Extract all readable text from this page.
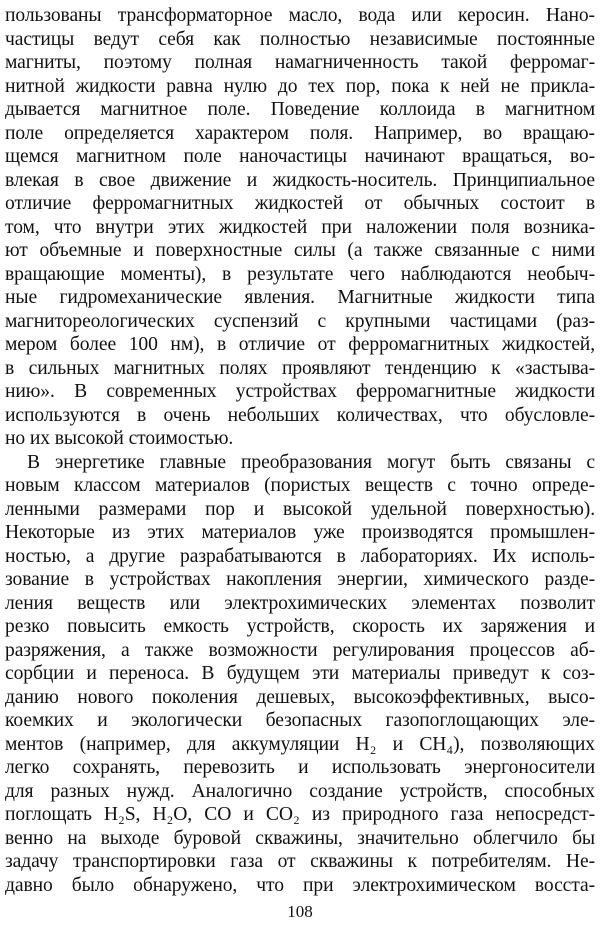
пользованы трансформаторное масло, вода или керосин. Нано-
частицы ведут себя как полностью независимые постоянные
магниты, поэтому полная намагниченность такой ферромаг-
нитной жидкости равна нулю до тех пор, пока к ней не прикла-
дывается магнитное поле. Поведение коллоида в магнитном
поле определяется характером поля. Например, во вращаю-
щемся магнитном поле наночастицы начинают вращаться, во-
влекая в свое движение и жидкость-носитель. Принципиальное
отличие ферромагнитных жидкостей от обычных состоит в
том, что внутри этих жидкостей при наложении поля возника-
ют объемные и поверхностные силы (а также связанные с ними
вращающие моменты), в результате чего наблюдаются необыч-
ные гидромеханические явления. Магнитные жидкости типа
магнитореологических суспензий с крупными частицами (раз-
мером более 100 нм), в отличие от ферромагнитных жидкостей,
в сильных магнитных полях проявляют тенденцию к «застыва-
нию». В современных устройствах ферромагнитные жидкости
используются в очень небольших количествах, что обусловле-
но их высокой стоимостью.
В энергетике главные преобразования могут быть связаны с
новым классом материалов (пористых веществ с точно опреде-
ленными размерами пор и высокой удельной поверхностью).
Некоторые из этих материалов уже производятся промышлен-
ностью, а другие разрабатываются в лабораториях. Их исполь-
зование в устройствах накопления энергии, химического разде-
ления веществ или электрохимических элементах позволит
резко повысить емкость устройств, скорость их заряжения и
разряжения, а также возможности регулирования процессов аб-
сорбции и переноса. В будущем эти материалы приведут к соз-
данию нового поколения дешевых, высокоэффективных, высо-
коемких и экологически безопасных газопоглощающих эле-
ментов (например, для аккумуляции H₂ и CH₄), позволяющих
легко сохранять, перевозить и использовать энергоносители
для разных нужд. Аналогично создание устройств, способных
поглощать H₂S, H₂O, CO и CO₂ из природного газа непосредст-
венно на выходе буровой скважины, значительно облегчило бы
задачу транспортировки газа от скважины к потребителям. Не-
давно было обнаружено, что при электрохимическом восста-
108
